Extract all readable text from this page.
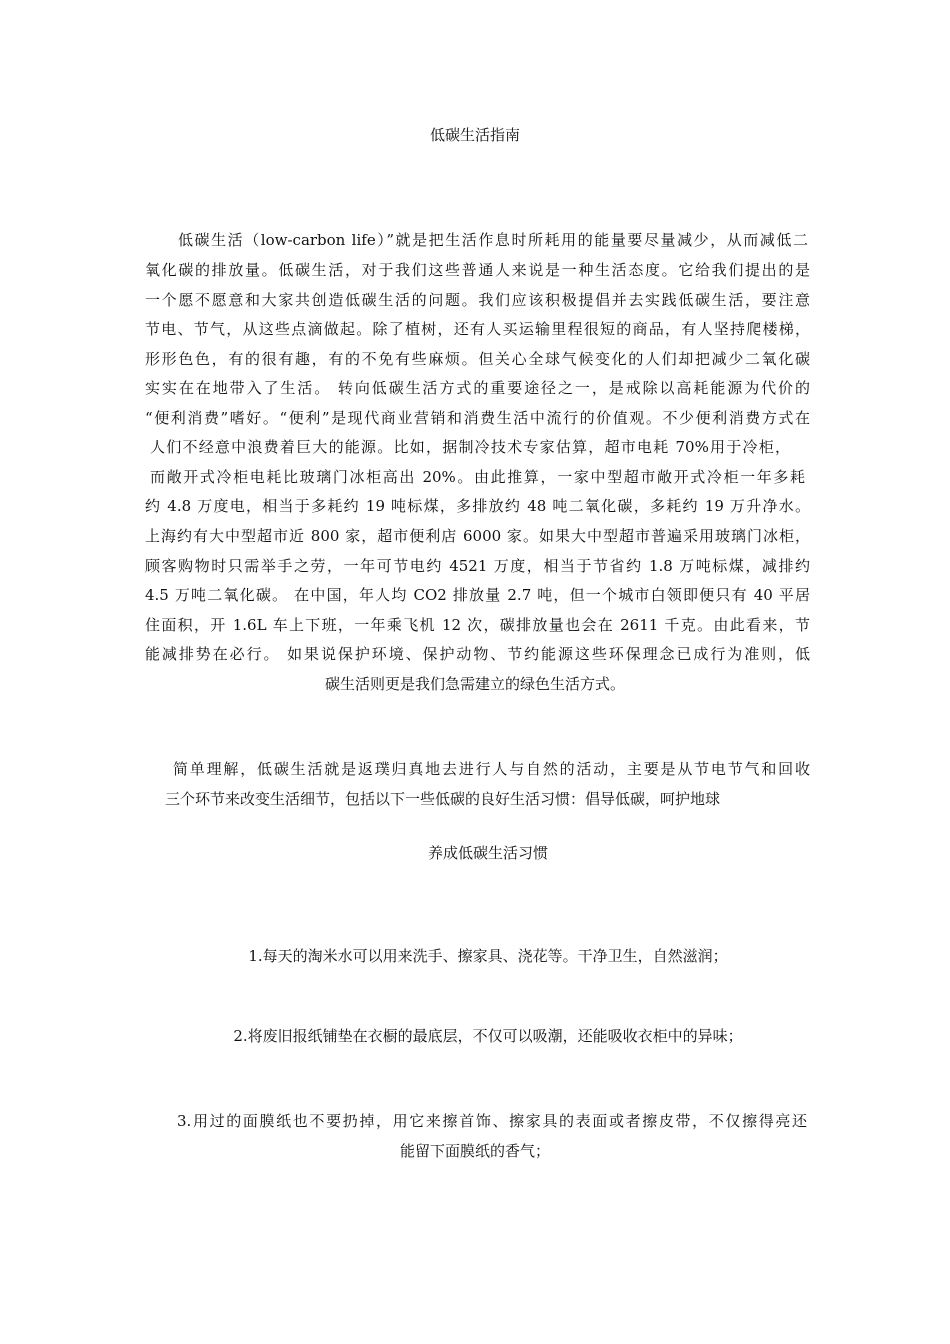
低碳生活指南
低碳生活（low-carbon life）”就是把生活作息时所耗用的能量要尽量减少，从而减低二
氧化碳的排放量。低碳生活，对于我们这些普通人来说是一种生活态度。它给我们提出的是
一个愿不愿意和大家共创造低碳生活的问题。我们应该积极提倡并去实践低碳生活，要注意
节电、节气，从这些点滴做起。除了植树，还有人买运输里程很短的商品，有人坚持爬楼梯，
形形色色，有的很有趣，有的不免有些麻烦。但关心全球气候变化的人们却把减少二氧化碳
实实在在地带入了生活。 转向低碳生活方式的重要途径之一，是戒除以高耗能源为代价的
“便利消费”嗜好。“便利”是现代商业营销和消费生活中流行的价值观。不少便利消费方式在
人们不经意中浪费着巨大的能源。比如，据制冷技术专家估算，超市电耗 70%用于冷柜，
而敞开式冷柜电耗比玻璃门冰柜高出 20%。由此推算，一家中型超市敞开式冷柜一年多耗
约 4.8 万度电，相当于多耗约 19 吨标煤，多排放约 48 吨二氧化碳，多耗约 19 万升净水。
上海约有大中型超市近 800 家，超市便利店 6000 家。如果大中型超市普遍采用玻璃门冰柜，
顾客购物时只需举手之劳，一年可节电约 4521 万度，相当于节省约 1.8 万吨标煤，减排约
4.5 万吨二氧化碳。 在中国，年人均 CO2 排放量 2.7 吨，但一个城市白领即便只有 40 平居
住面积，开 1.6L 车上下班，一年乘飞机 12 次，碳排放量也会在 2611 千克。由此看来，节
能减排势在必行。 如果说保护环境、保护动物、节约能源这些环保理念已成行为准则，低
碳生活则更是我们急需建立的绿色生活方式。
简单理解，低碳生活就是返璞归真地去进行人与自然的活动，主要是从节电节气和回收
三个环节来改变生活细节，包括以下一些低碳的良好生活习惯：倡导低碳，呵护地球
养成低碳生活习惯
1.每天的淘米水可以用来洗手、擦家具、浇花等。干净卫生，自然滋润；
2.将废旧报纸铺垫在衣橱的最底层，不仅可以吸潮，还能吸收衣柜中的异味；
3.用过的面膜纸也不要扔掉，用它来擦首饰、擦家具的表面或者擦皮带，不仅擦得亮还
能留下面膜纸的香气；
